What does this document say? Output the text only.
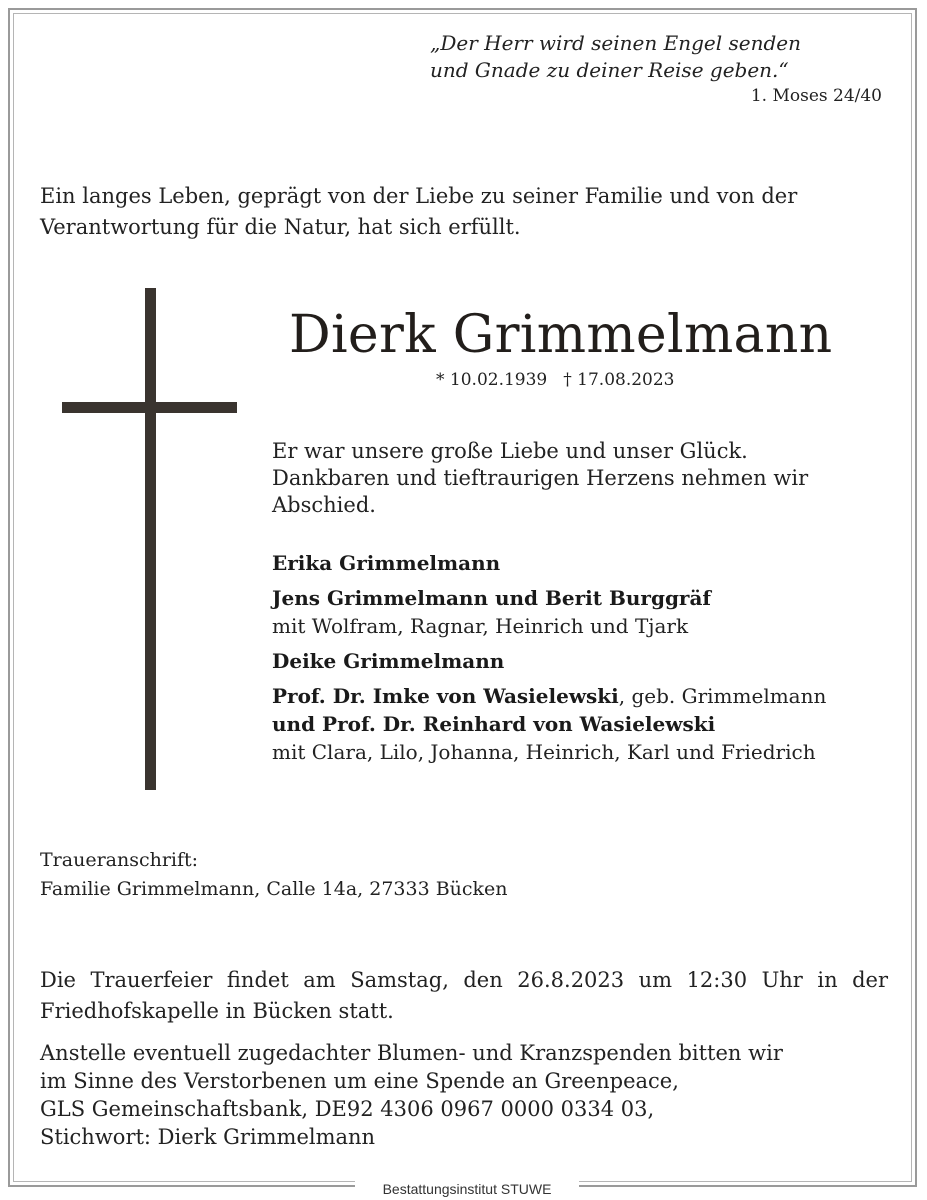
Bestattungsinstitut STUWE
„Der Herr wird seinen Engel senden
und Gnade zu deiner Reise geben.“
1. Moses 24/40
Ein langes Leben, geprägt von der Liebe zu seiner Familie und von der
Verantwortung für die Natur, hat sich erfüllt.
Dierk Grimmelmann
* 10.02.1939 † 17.08.2023
Er war unsere große Liebe und unser Glück.
Dankbaren und tieftraurigen Herzens nehmen wir
Abschied.
Erika Grimmelmann
Jens Grimmelmann und Berit Burggräf
mit Wolfram, Ragnar, Heinrich und Tjark
Deike Grimmelmann
Prof. Dr. Imke von Wasielewski, geb. Grimmelmann
und Prof. Dr. Reinhard von Wasielewski
mit Clara, Lilo, Johanna, Heinrich, Karl und Friedrich
Traueranschrift:
Familie Grimmelmann, Calle 14a, 27333 Bücken
Die Trauerfeier findet am Samstag, den 26.8.2023 um 12:30 Uhr in der Friedhofskapelle in Bücken statt.
Anstelle eventuell zugedachter Blumen- und Kranzspenden bitten wir
im Sinne des Verstorbenen um eine Spende an Greenpeace,
GLS Gemeinschaftsbank, DE92 4306 0967 0000 0334 03,
Stichwort: Dierk Grimmelmann
